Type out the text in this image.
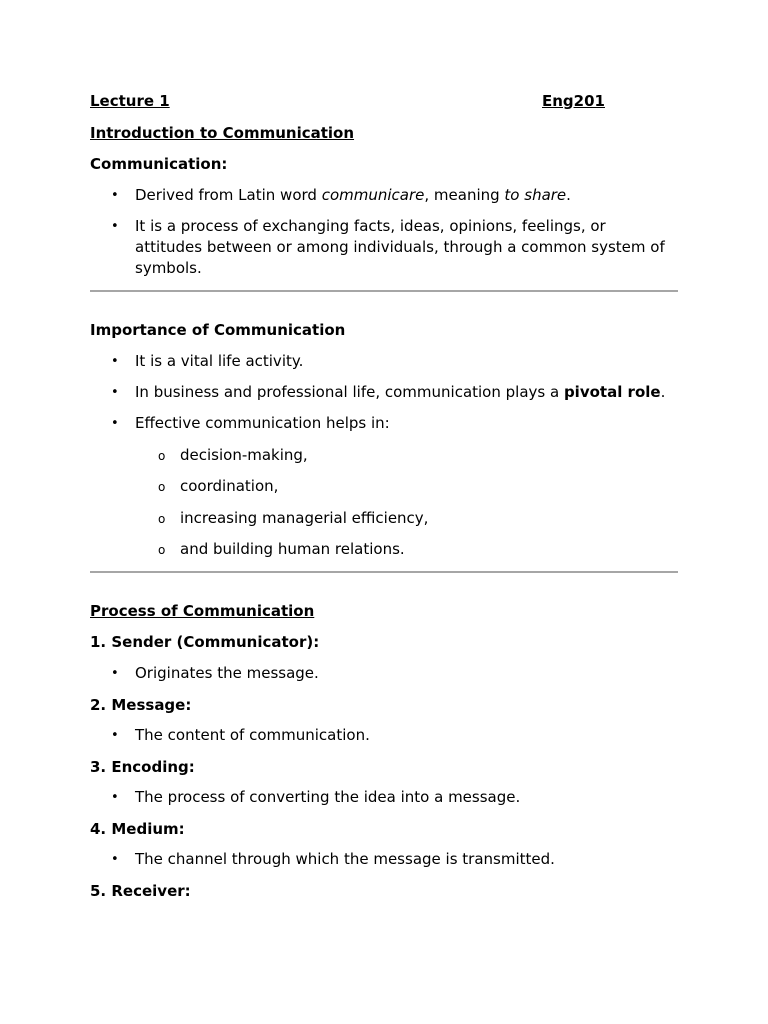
Lecture 1	Eng201
Introduction to Communication
Communication:
• Derived from Latin word communicare, meaning to share.
• It is a process of exchanging facts, ideas, opinions, feelings, or
attitudes between or among individuals, through a common system of
symbols.
Importance of Communication
• It is a vital life activity.
• In business and professional life, communication plays a pivotal role.
• Effective communication helps in:
o decision-making,
o coordination,
o increasing managerial efficiency,
o and building human relations.
Process of Communication
1. Sender (Communicator):
• Originates the message.
2. Message:
• The content of communication.
3. Encoding:
• The process of converting the idea into a message.
4. Medium:
• The channel through which the message is transmitted.
5. Receiver:
